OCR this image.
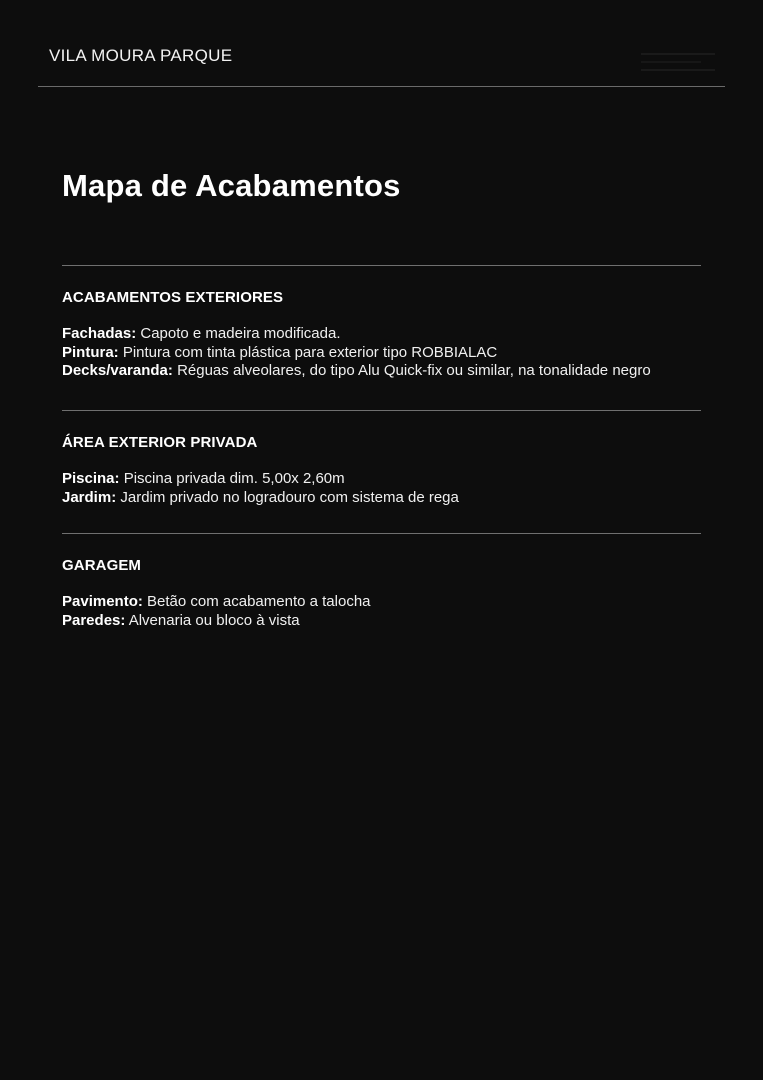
VILA MOURA PARQUE
Mapa de Acabamentos
ACABAMENTOS EXTERIORES
Fachadas: Capoto e madeira modificada.
Pintura: Pintura com tinta plástica para exterior tipo ROBBIALAC
Decks/varanda: Réguas alveolares, do tipo Alu Quick-fix ou similar, na tonalidade negro
ÁREA EXTERIOR PRIVADA
Piscina: Piscina privada dim. 5,00x 2,60m
Jardim: Jardim privado no logradouro com sistema de rega
GARAGEM
Pavimento: Betão com acabamento a talocha
Paredes: Alvenaria ou bloco à vista
